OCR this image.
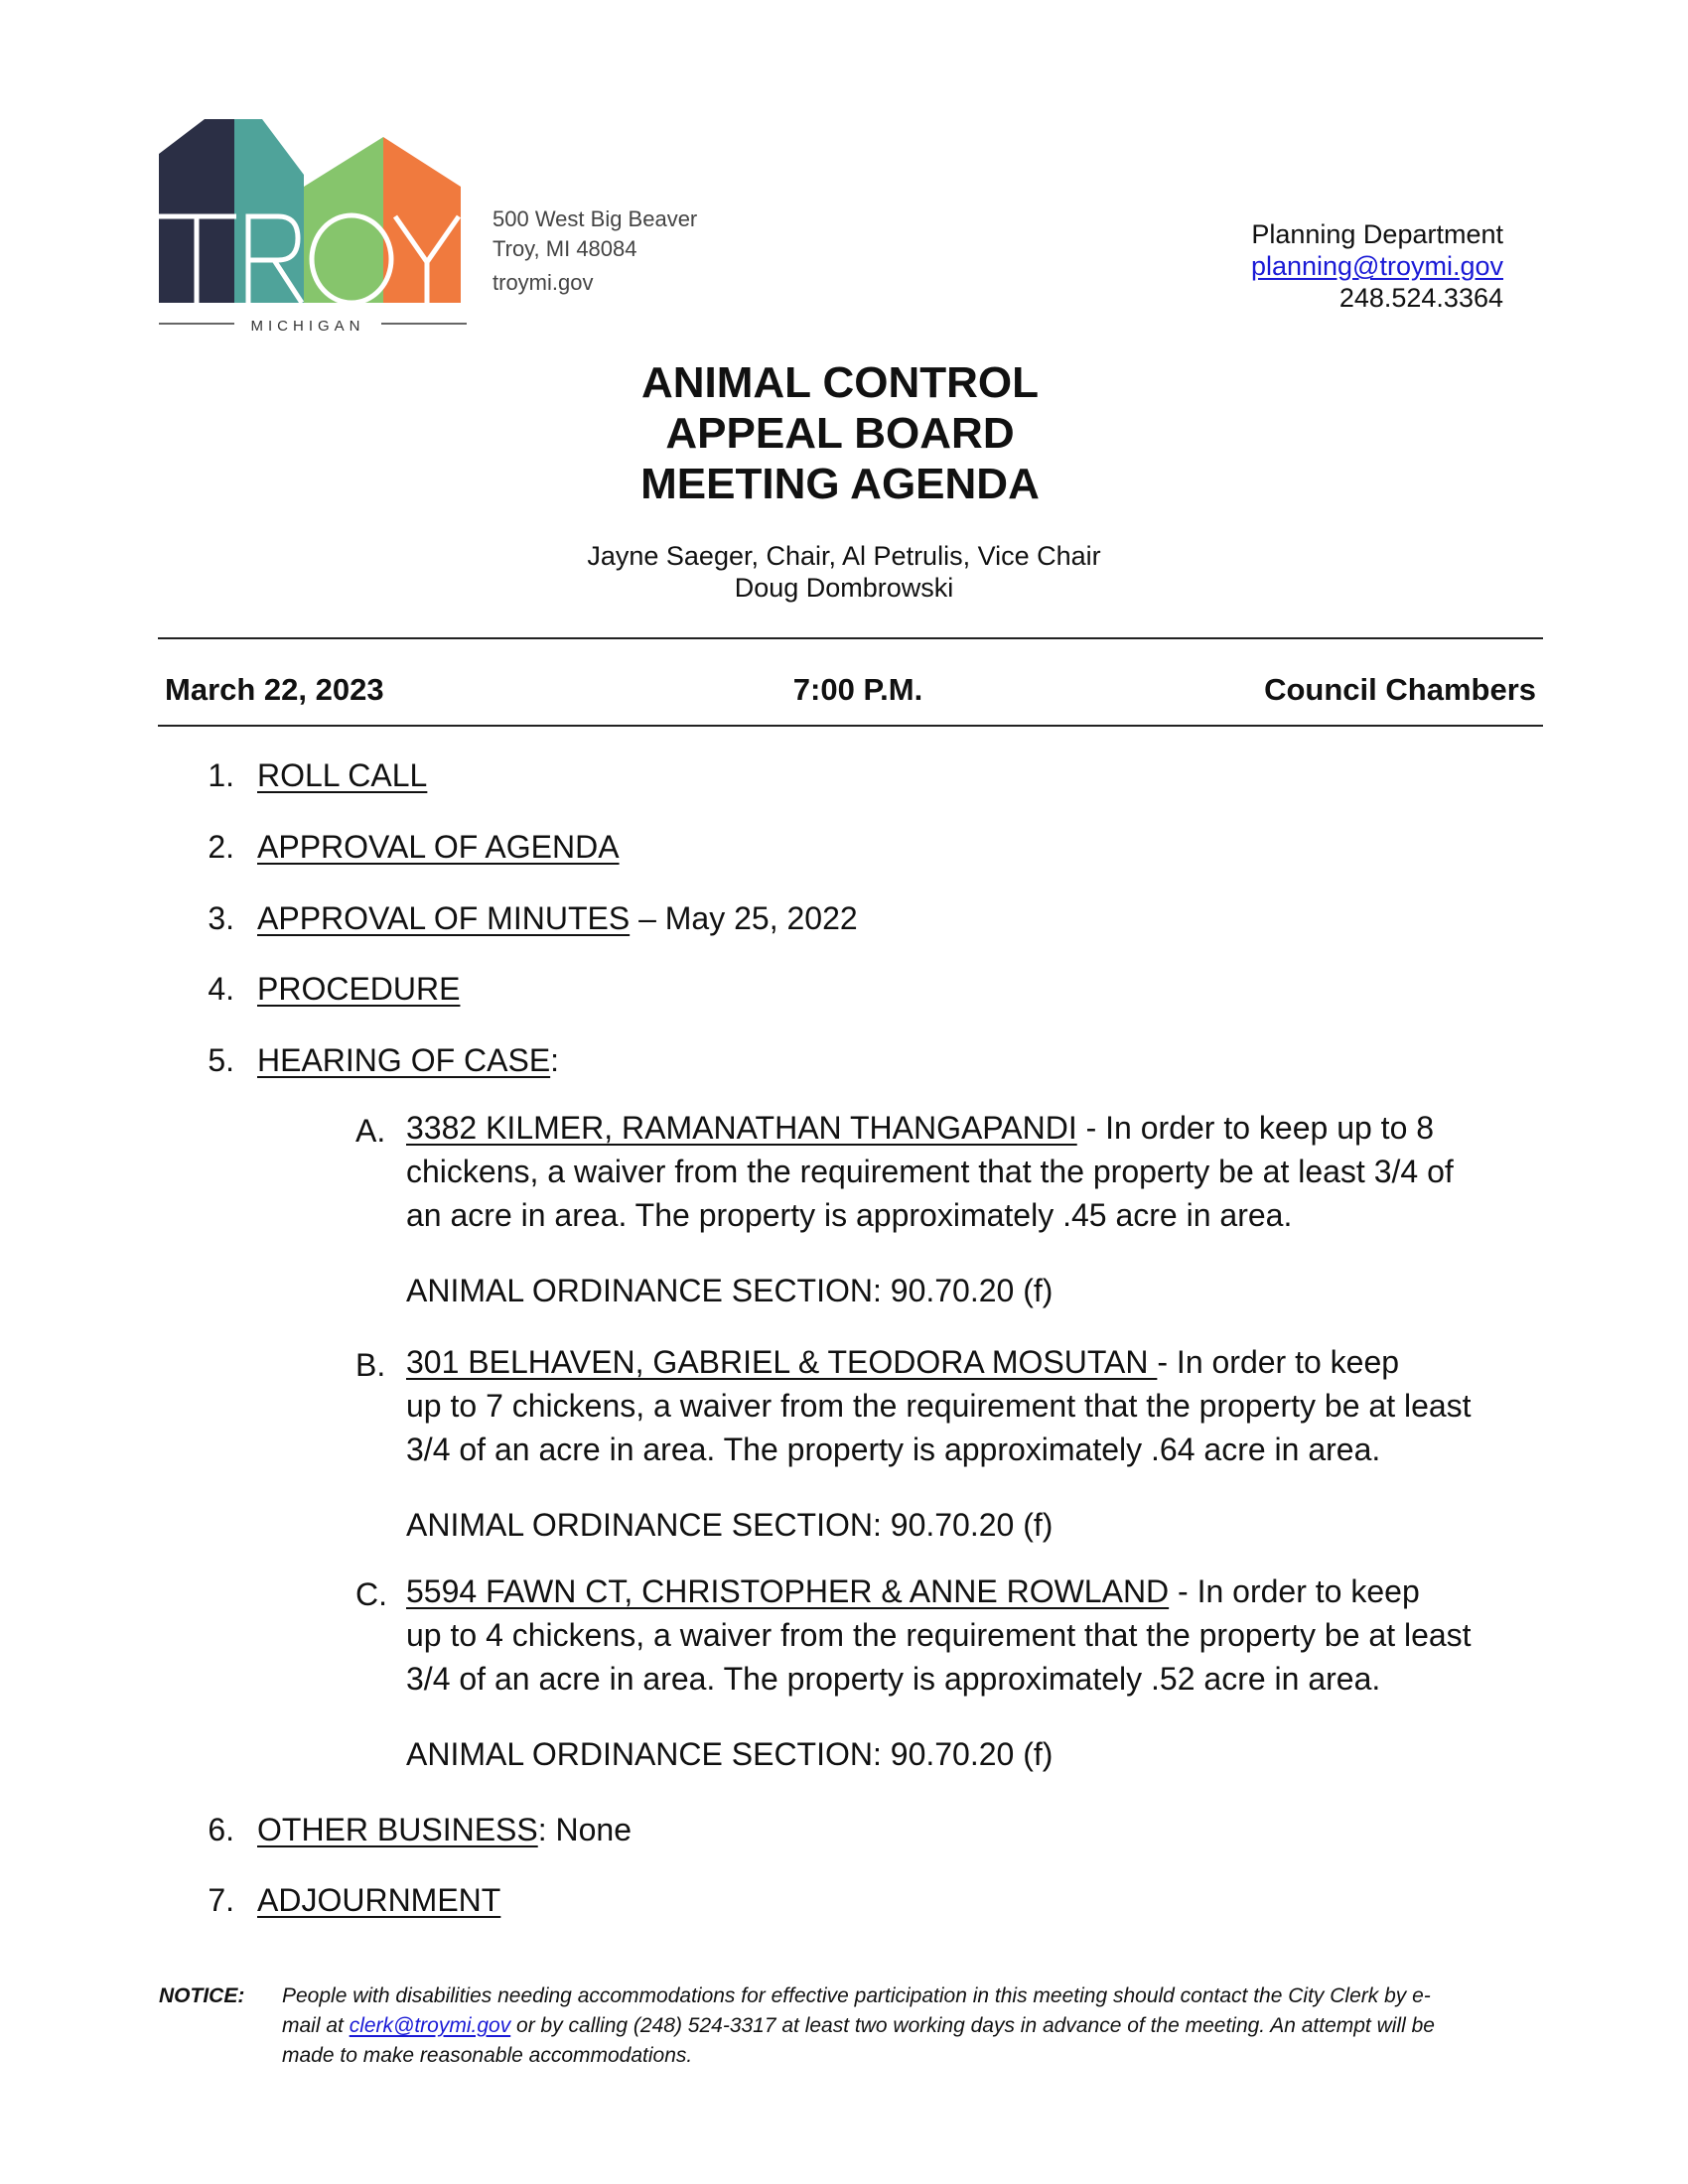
MICHIGAN
500 West Big Beaver
Troy, MI 48084
troymi.gov
Planning Department
planning@troymi.gov
248.524.3364
ANIMAL CONTROL
APPEAL BOARD
MEETING AGENDA
Jayne Saeger, Chair, Al Petrulis, Vice Chair
Doug Dombrowski
March 22, 2023	7:00 P.M.	Council Chambers
1. ROLL CALL
2. APPROVAL OF AGENDA
3. APPROVAL OF MINUTES – May 25, 2022
4. PROCEDURE
5. HEARING OF CASE:
A. 3382 KILMER, RAMANATHAN THANGAPANDI - In order to keep up to 8
chickens, a waiver from the requirement that the property be at least 3/4 of
an acre in area. The property is approximately .45 acre in area.
ANIMAL ORDINANCE SECTION: 90.70.20 (f)
B. 301 BELHAVEN, GABRIEL & TEODORA MOSUTAN - In order to keep
up to 7 chickens, a waiver from the requirement that the property be at least
3/4 of an acre in area. The property is approximately .64 acre in area.
ANIMAL ORDINANCE SECTION: 90.70.20 (f)
C. 5594 FAWN CT, CHRISTOPHER & ANNE ROWLAND - In order to keep
up to 4 chickens, a waiver from the requirement that the property be at least
3/4 of an acre in area. The property is approximately .52 acre in area.
ANIMAL ORDINANCE SECTION: 90.70.20 (f)
6. OTHER BUSINESS: None
7. ADJOURNMENT
NOTICE: People with disabilities needing accommodations for effective participation in this meeting should contact the City Clerk by e-
mail at clerk@troymi.gov or by calling (248) 524-3317 at least two working days in advance of the meeting. An attempt will be
made to make reasonable accommodations.
